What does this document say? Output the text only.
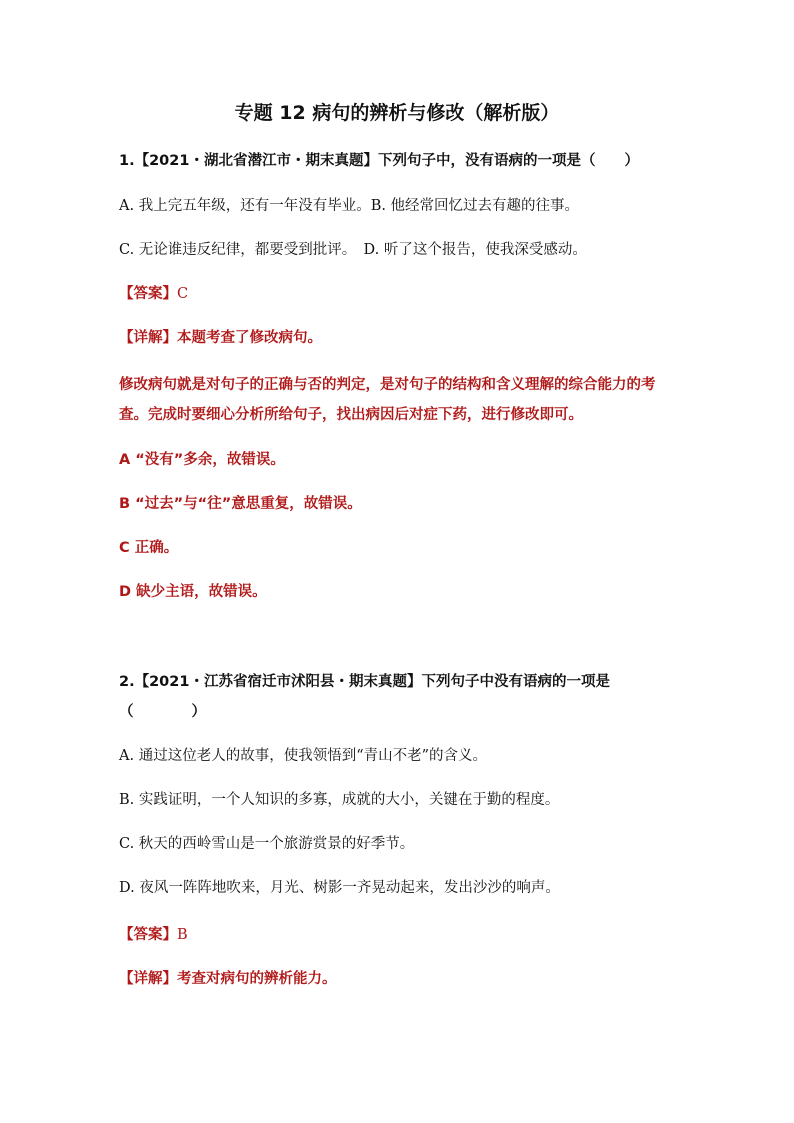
专题 12 病句的辨析与修改（解析版）
1.【2021・湖北省潜江市・期末真题】下列句子中，没有语病的一项是（　　）
A. 我上完五年级，还有一年没有毕业。B. 他经常回忆过去有趣的往事。
C. 无论谁违反纪律，都要受到批评。　D. 听了这个报告，使我深受感动。
【答案】C
【详解】本题考查了修改病句。
修改病句就是对句子的正确与否的判定，是对句子的结构和含义理解的综合能力的考查。完成时要细心分析所给句子，找出病因后对症下药，进行修改即可。
A “没有”多余，故错误。
B “过去”与“往”意思重复，故错误。
C 正确。
D 缺少主语，故错误。
2.【2021・江苏省宿迁市沭阳县・期末真题】下列句子中没有语病的一项是
（　　　　）
A. 通过这位老人的故事，使我领悟到“青山不老”的含义。
B. 实践证明，一个人知识的多寡，成就的大小，关键在于勤的程度。
C. 秋天的西岭雪山是一个旅游赏景的好季节。
D. 夜风一阵阵地吹来，月光、树影一齐晃动起来，发出沙沙的响声。
【答案】B
【详解】考查对病句的辨析能力。
